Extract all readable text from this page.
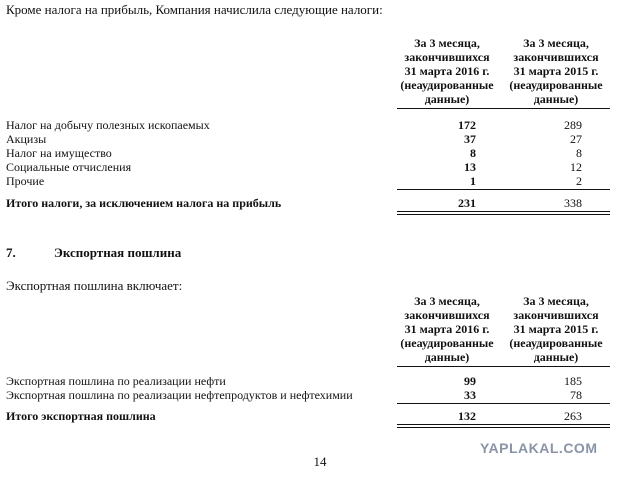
Кроме налога на прибыль, Компания начислила следующие налоги:
За 3 месяца,
закончившихся
31 марта 2016 г.
(неаудированные
данные)
За 3 месяца,
закончившихся
31 марта 2015 г.
(неаудированные
данные)
Налог на добычу полезных ископаемых	172	289
Акцизы	37	27
Налог на имущество	8	8
Социальные отчисления	13	12
Прочие	1	2
Итого налоги, за исключением налога на прибыль	231	338
7.	Экспортная пошлина
Экспортная пошлина включает:
За 3 месяца,
закончившихся
31 марта 2016 г.
(неаудированные
данные)
За 3 месяца,
закончившихся
31 марта 2015 г.
(неаудированные
данные)
Экспортная пошлина по реализации нефти	99	185
Экспортная пошлина по реализации нефтепродуктов и нефтехимии	33	78
Итого экспортная пошлина	132	263
YAPLAKAL.COM
14
